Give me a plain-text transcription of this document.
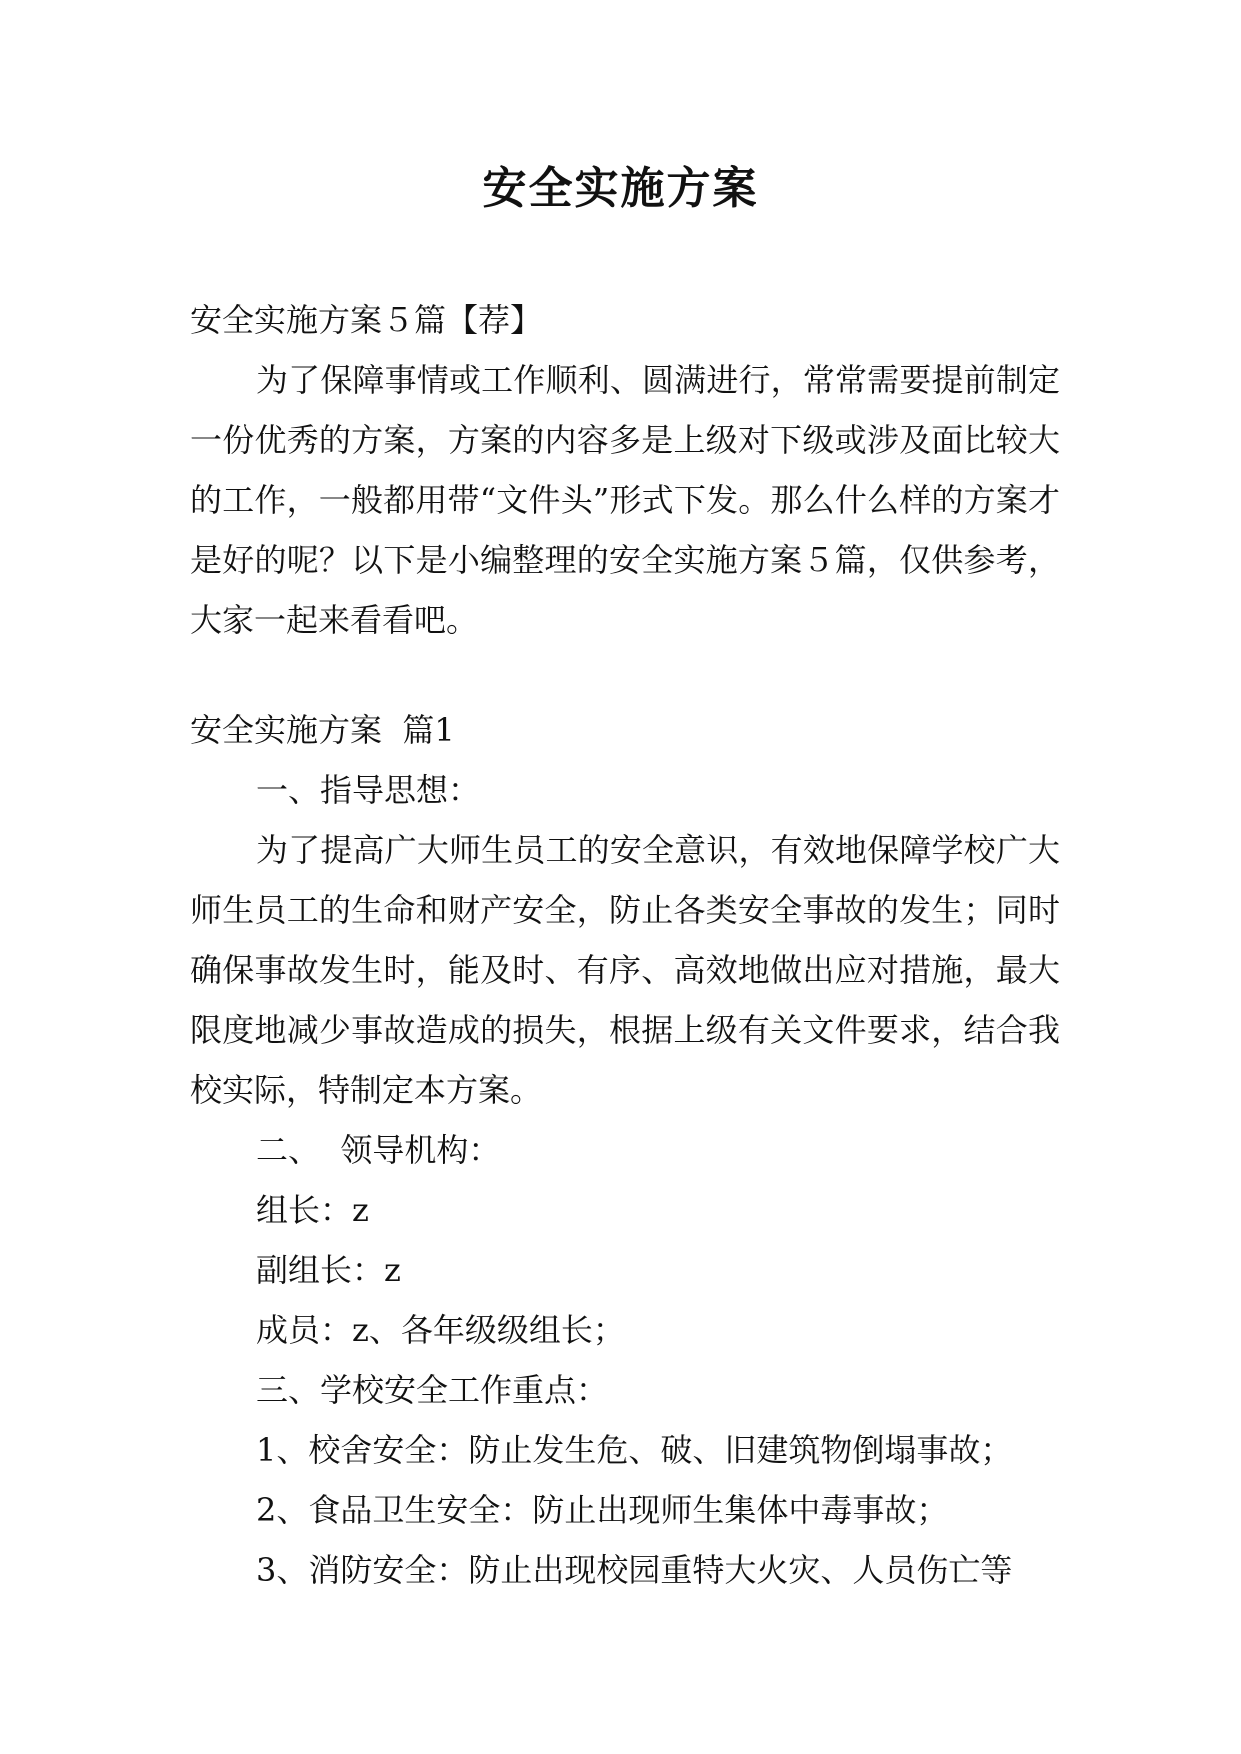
安全实施方案

安全实施方案５篇【荐】

为了保障事情或工作顺利、圆满进行，常常需要提前制定一份优秀的方案，方案的内容多是上级对下级或涉及面比较大的工作，一般都用带“文件头”形式下发。那么什么样的方案才是好的呢？以下是小编整理的安全实施方案５篇，仅供参考，大家一起来看看吧。

安全实施方案  篇1

一、指导思想：

为了提高广大师生员工的安全意识，有效地保障学校广大师生员工的生命和财产安全，防止各类安全事故的发生；同时确保事故发生时，能及时、有序、高效地做出应对措施，最大限度地减少事故造成的损失，根据上级有关文件要求，结合我校实际，特制定本方案。

二、  领导机构：

组长：z

副组长：z

成员：z、各年级级组长；

三、学校安全工作重点：

1、校舍安全：防止发生危、破、旧建筑物倒塌事故；

2、食品卫生安全：防止出现师生集体中毒事故；

3、消防安全：防止出现校园重特大火灾、人员伤亡等
